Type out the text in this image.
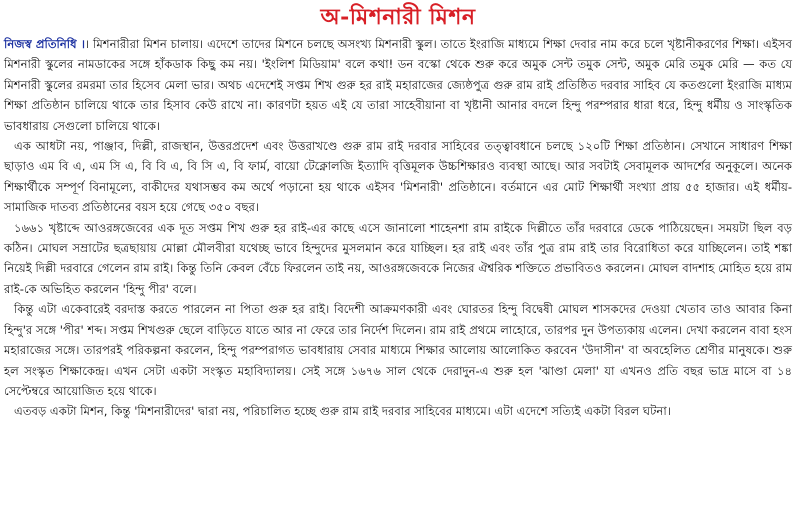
অ-মিশনারী মিশন

নিজস্ব প্রতিনিধি ।। মিশনারীরা মিশন চালায়। এদেশে তাদের মিশনে চলছে অসংখ্য মিশনারী স্কুল। তাতে ইংরাজি মাধ্যমে শিক্ষা দেবার নাম করে চলে খৃষ্টানীকরণের শিক্ষা। এইসব মিশনারী স্কুলের নামডাকের সঙ্গে হাঁকডাক কিছু কম নয়। 'ইংলিশ মিডিয়াম' বলে কথা! ডন বস্কো থেকে শুরু করে অমুক সেন্ট তমুক সেন্ট, অমুক মেরি তমুক মেরি — কত যে মিশনারী স্কুলের রমরমা তার হিসেব মেলা ভার। অথচ এদেশেই সপ্তম শিখ গুরু হর রাই মহারাজের জ্যেষ্ঠপুত্র গুরু রাম রাই প্রতিষ্ঠিত দরবার সাহিব যে কতগুলো ইংরাজি মাধ্যম শিক্ষা প্রতিষ্ঠান চালিয়ে থাকে তার হিসাব কেউ রাখে না। কারণটা হয়ত এই যে তারা সাহেবীয়ানা বা খৃষ্টানী আনার বদলে হিন্দু পরম্পরার ধারা ধরে, হিন্দু ধর্মীয় ও সাংস্কৃতিক ভাবধারায় সেগুলো চালিয়ে থাকে।

এক আধটা নয়, পাঞ্জাব, দিল্লী, রাজস্থান, উত্তরপ্রদেশ এবং উত্তরাখণ্ডে গুরু রাম রাই দরবার সাহিবের তত্ত্বাবধানে চলছে ১২০টি শিক্ষা প্রতিষ্ঠান। সেখানে সাধারণ শিক্ষা ছাড়াও এম বি এ, এম সি এ, বি বি এ, বি সি এ, বি ফার্ম, বায়ো টেক্নোলজি ইত্যাদি বৃত্তিমূলক উচ্চশিক্ষারও ব্যবস্থা আছে। আর সবটাই সেবামূলক আদর্শের অনুকূলে। অনেক শিক্ষার্থীকে সম্পূর্ণ বিনামূল্যে, বাকীদের যথাসম্ভব কম অর্থে পড়ানো হয় থাকে এইসব 'মিশনারী' প্রতিষ্ঠানে। বর্তমানে এর মোট শিক্ষার্থী সংখ্যা প্রায় ৫৫ হাজার। এই ধর্মীয়-সামাজিক দাতব্য প্রতিষ্ঠানের বয়স হয়ে গেছে ৩৫০ বছর।

১৬৬১ খৃষ্টাব্দে আওরঙ্গজেবের এক দূত সপ্তম শিখ গুরু হর রাই-এর কাছে এসে জানালো শাহেনশা রাম রাইকে দিল্লীতে তাঁর দরবারে ডেকে পাঠিয়েছেন। সময়টা ছিল বড় কঠিন। মোঘল সম্রাটের ছত্রছায়ায় মোল্লা মৌলবীরা যথেচ্ছ ভাবে হিন্দুদের মুসলমান করে যাচ্ছিল। হর রাই এবং তাঁর পুত্র রাম রাই তার বিরোধিতা করে যাচ্ছিলেন। তাই শঙ্কা নিয়েই দিল্লী দরবারে গেলেন রাম রাই। কিন্তু তিনি কেবল বেঁচে ফিরলেন তাই নয়, আওরঙ্গজেবকে নিজের ঐশ্বরিক শক্তিতে প্রভাবিতও করলেন। মোঘল বাদশাহ মোহিত হয়ে রাম রাই-কে অভিহিত করলেন 'হিন্দু পীর' বলে।

কিন্তু এটা একেবারেই বরদাস্ত করতে পারলেন না পিতা গুরু হর রাই। বিদেশী আক্রমণকারী এবং ঘোরতর হিন্দু বিদ্বেষী মোঘল শাসকদের দেওয়া খেতাব তাও আবার কিনা হিন্দু'র সঙ্গে 'পীর' শব্দ। সপ্তম শিখগুরু ছেলে বাড়িতে যাতে আর না ফেরে তার নির্দেশ দিলেন। রাম রাই প্রথমে লাহোরে, তারপর দুন উপত্যকায় এলেন। দেখা করলেন বাবা হংস মহারাজের সঙ্গে। তারপরই পরিকল্পনা করলেন, হিন্দু পরম্পরাগত ভাবধারায় সেবার মাধ্যমে শিক্ষার আলোয় আলোকিত করবেন 'উদাসীন' বা অবহেলিত শ্রেণীর মানুষকে। শুরু হল সংস্কৃত শিক্ষাকেন্দ্র। এখন সেটা একটা সংস্কৃত মহাবিদ্যালয়। সেই সঙ্গে ১৬৭৬ সাল থেকে দেরাদুন-এ শুরু হল 'ঝাণ্ডা মেলা' যা এখনও প্রতি বছর ভাদ্র মাসে বা ১৪ সেপ্টেম্বরে আয়োজিত হয়ে থাকে।

এতবড় একটা মিশন, কিন্তু 'মিশনারীদের' দ্বারা নয়, পরিচালিত হচ্ছে গুরু রাম রাই দরবার সাহিবের মাধ্যমে। এটা এদেশে সত্যিই একটা বিরল ঘটনা।
